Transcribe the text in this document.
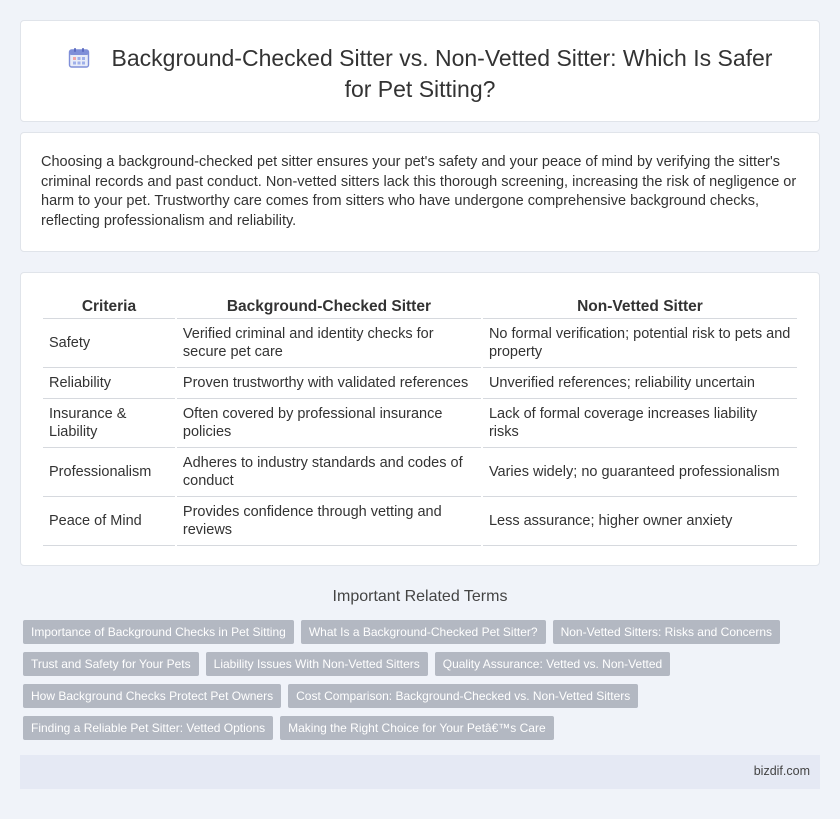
Background-Checked Sitter vs. Non-Vetted Sitter: Which Is Safer for Pet Sitting?

Choosing a background-checked pet sitter ensures your pet's safety and your peace of mind by verifying the sitter's criminal records and past conduct. Non-vetted sitters lack this thorough screening, increasing the risk of negligence or harm to your pet. Trustworthy care comes from sitters who have undergone comprehensive background checks, reflecting professionalism and reliability.

Criteria	Background-Checked Sitter	Non-Vetted Sitter
Safety	Verified criminal and identity checks for secure pet care	No formal verification; potential risk to pets and property
Reliability	Proven trustworthy with validated references	Unverified references; reliability uncertain
Insurance & Liability	Often covered by professional insurance policies	Lack of formal coverage increases liability risks
Professionalism	Adheres to industry standards and codes of conduct	Varies widely; no guaranteed professionalism
Peace of Mind	Provides confidence through vetting and reviews	Less assurance; higher owner anxiety
Important Related Terms
Importance of Background Checks in Pet Sitting	What Is a Background-Checked Pet Sitter?	Non-Vetted Sitters: Risks and Concerns
Trust and Safety for Your Pets	Liability Issues With Non-Vetted Sitters	Quality Assurance: Vetted vs. Non-Vetted
How Background Checks Protect Pet Owners	Cost Comparison: Background-Checked vs. Non-Vetted Sitters
Finding a Reliable Pet Sitter: Vetted Options	Making the Right Choice for Your Petâ€™s Care
bizdif.com
